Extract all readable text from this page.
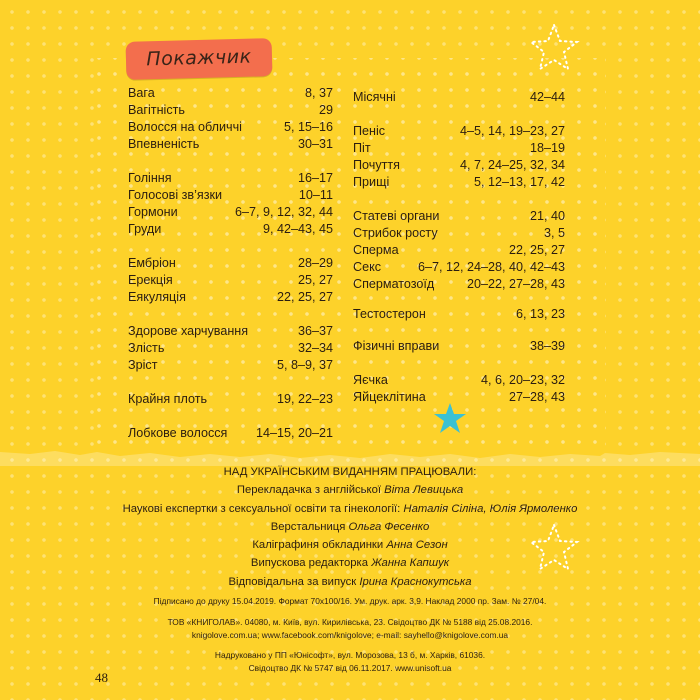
Покажчик
Вага	8, 37
Вагітність	29
Волосся на обличчі	5, 15–16
Впевненість	30–31
Гоління	16–17
Голосові зв’язки	10–11
Гормони	6–7, 9, 12, 32, 44
Груди	9, 42–43, 45
Ембріон	28–29
Ерекція	25, 27
Еякуляція	22, 25, 27
Здорове харчування	36–37
Злість	32–34
Зріст	5, 8–9, 37
Крайня плоть	19, 22–23
Лобкове волосся 14–15, 20–21
Місячні	42–44
Пеніс	4–5, 14, 19–23, 27
Піт	18–19
Почуття	4, 7, 24–25, 32, 34
Прищі	5, 12–13, 17, 42
Статеві органи	21, 40
Стрибок росту	3, 5
Сперма	22, 25, 27
Секс	6–7, 12, 24–28, 40, 42–43
Сперматозоїд	20–22, 27–28, 43
Тестостерон	6, 13, 23
Фізичні вправи	38–39
Яєчка	4, 6, 20–23, 32
Яйцеклітина	27–28, 43
НАД УКРАЇНСЬКИМ ВИДАННЯМ ПРАЦЮВАЛИ:
Перекладачка з англійської Віта Левицька
Наукові експертки з сексуальної освіти та гінекології: Наталія Сіліна, Юлія Ярмоленко
Верстальниця Ольга Фесенко
Каліграфиня обкладинки Анна Сезон
Випускова редакторка Жанна Капшук
Відповідальна за випуск Ірина Краснокутська
Підписано до друку 15.04.2019. Формат 70х100/16. Ум. друк. арк. 3,9. Наклад 2000 пр. Зам. № 27/04.
ТОВ «КНИГОЛАВ». 04080, м. Київ, вул. Кирилівська, 23. Свідоцтво ДК № 5188 від 25.08.2016.
knigolove.com.ua; www.facebook.com/knigolove; e-mail: sayhello@knigolove.com.ua
Надруковано у ПП «Юнісофт», вул. Морозова, 13 б, м. Харків, 61036.
Свідоцтво ДК № 5747 від 06.11.2017. www.unisoft.ua
48
